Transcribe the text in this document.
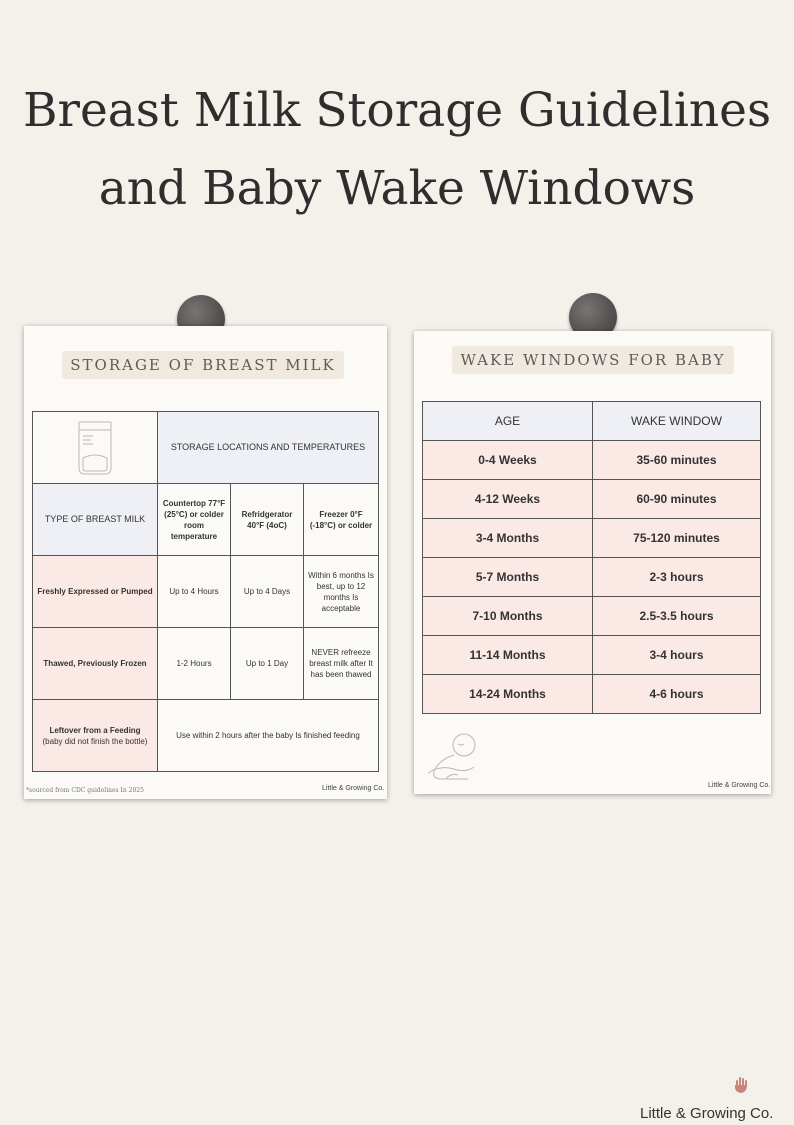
Breast Milk Storage Guidelines
and Baby Wake Windows
STORAGE OF BREAST MILK
	STORAGE LOCATIONS AND TEMPERATURES		
TYPE OF BREAST MILK	Countertop 77°F (25°C) or colder room temperature	Refridgerator 40°F (4oC)	Freezer 0°F (-18°C) or colder
Freshly Expressed or Pumped	Up to 4 Hours	Up to 4 Days	Within 6 months Is best, up to 12 months Is acceptable
Thawed, Previously Frozen	1-2 Hours	Up to 1 Day	NEVER refreeze breast milk after It has been thawed

Leftover from a Feeding
(baby did not finish the bottle)	Use within 2 hours after the baby Is finished feeding		
*sourced from CDC guidelines In 2025	Little & Growing Co.
WAKE WINDOWS FOR BABY
AGE	WAKE WINDOW
0-4 Weeks	35-60 minutes
4-12 Weeks	60-90 minutes
3-4 Months	75-120 minutes
5-7 Months	2-3 hours
7-10 Months	2.5-3.5 hours
11-14 Months	3-4 hours
14-24 Months	4-6 hours
Little & Growing Co.
Little & Growing Co.
